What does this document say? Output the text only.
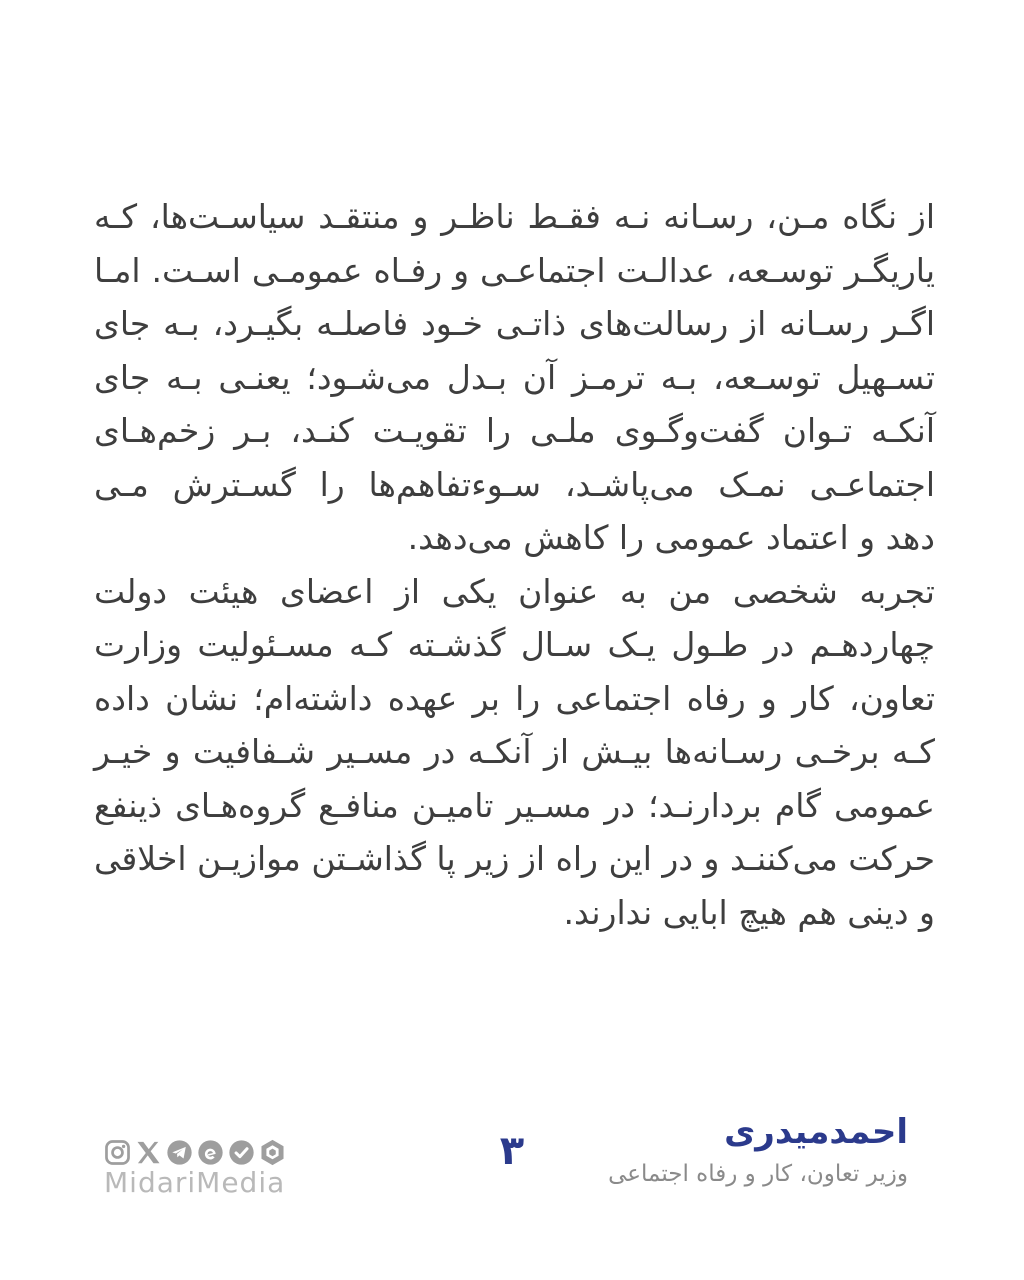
از نگاه مـن، رسـانه نـه فقـط ناظـر و منتقـد سیاسـت‌ها، کـه
یاریگـر توسـعه، عدالـت اجتماعـی و رفـاه عمومـی اسـت. امـا
اگـر رسـانه از رسالت‌های ذاتـی خـود فاصلـه بگیـرد، بـه جای
تسـهیل توسـعه، بـه ترمـز آن بـدل می‌شـود؛ یعنـی بـه جای
آنکـه تـوان گفت‌وگـوی ملـی را تقویـت کنـد، بـر زخم‌هـای
اجتماعـی نمـک می‌پاشـد، سـوءتفاهم‌ها را گسـترش مـی
دهد و اعتماد عمومی را کاهش می‌دهد.
تجربه شخصی من به عنوان یکی از اعضای هیئت دولت
چهاردهـم در طـول یـک سـال گذشـته کـه مسـئولیت وزارت
تعاون، کار و رفاه اجتماعی را بر عهده داشته‌ام؛ نشان داده
کـه برخـی رسـانه‌ها بیـش از آنکـه در مسـیر شـفافیت و خیـر
عمومی گام بردارنـد؛ در مسـیر تامیـن منافـع گروه‌هـای ذینفع
حرکت می‌کننـد و در این راه از زیر پا گذاشـتن موازیـن اخلاقی
و دینی هم هیچ ابایی ندارند.
احمدمیدری
وزیر تعاون، کار و رفاه اجتماعی
۳
MidariMedia
